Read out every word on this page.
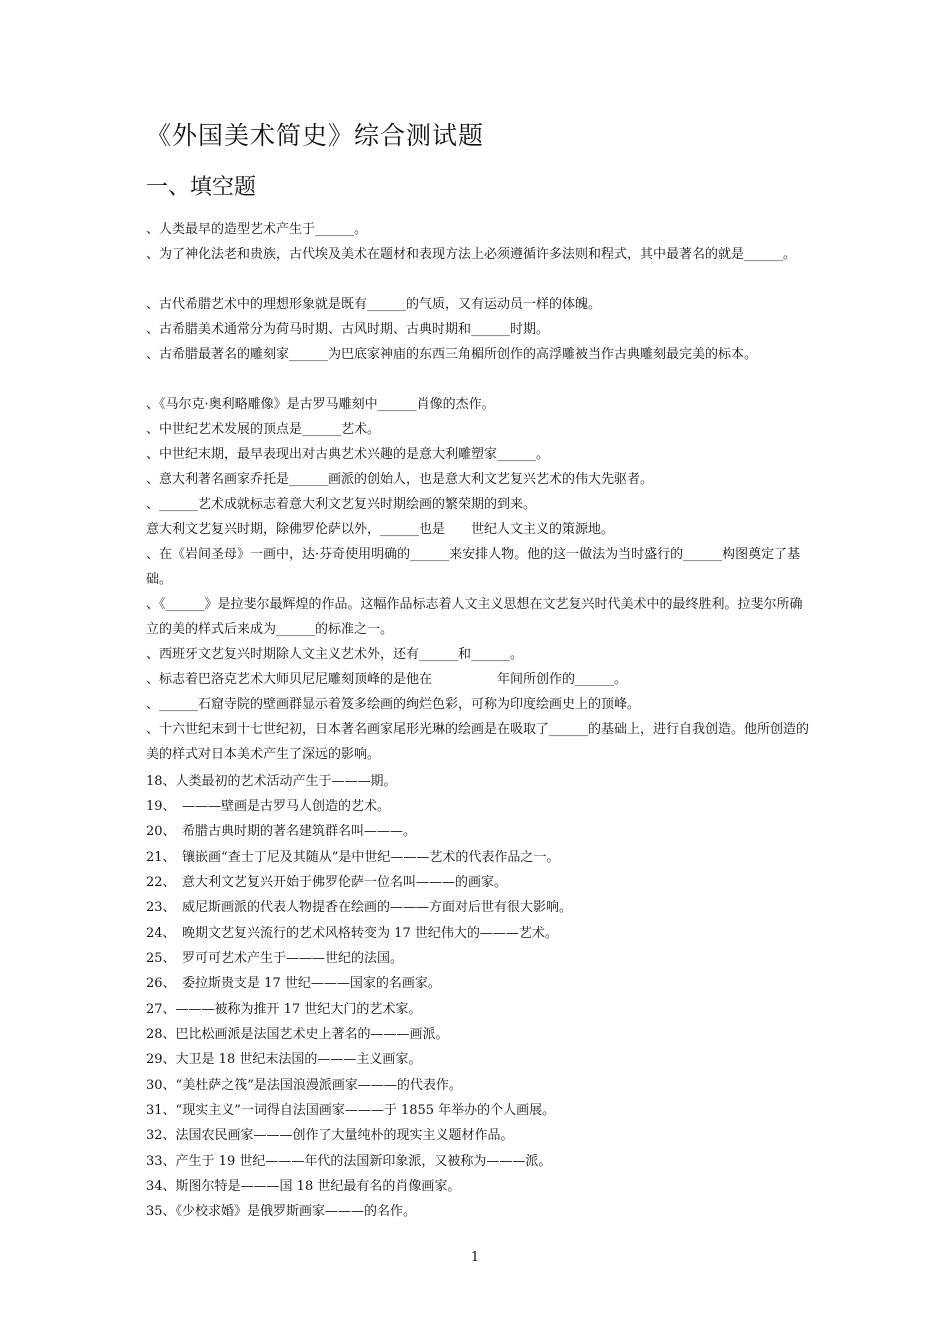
《外国美术简史》综合测试题
一、填空题
、人类最早的造型艺术产生于______。
、为了神化法老和贵族，古代埃及美术在题材和表现方法上必须遵循许多法则和程式，其中最著名的就是______。
、古代希腊艺术中的理想形象就是既有______的气质，又有运动员一样的体魄。
、古希腊美术通常分为荷马时期、古风时期、古典时期和______时期。
、古希腊最著名的雕刻家______为巴底家神庙的东西三角楣所创作的高浮雕被当作古典雕刻最完美的标本。
、《马尔克·奥利略雕像》是古罗马雕刻中______肖像的杰作。
、中世纪艺术发展的顶点是______艺术。
、中世纪末期，最早表现出对古典艺术兴趣的是意大利雕塑家______。
、意大利著名画家乔托是______画派的创始人，也是意大利文艺复兴艺术的伟大先驱者。
、______艺术成就标志着意大利文艺复兴时期绘画的繁荣期的到来。
意大利文艺复兴时期，除佛罗伦萨以外，______也是　　世纪人文主义的策源地。
、在《岩间圣母》一画中，达·芬奇使用明确的______来安排人物。他的这一做法为当时盛行的______构图奠定了基础。
、《______》是拉斐尔最辉煌的作品。这幅作品标志着人文主义思想在文艺复兴时代美术中的最终胜利。拉斐尔所确立的美的样式后来成为______的标准之一。
、西班牙文艺复兴时期除人文主义艺术外，还有______和______。
、标志着巴洛克艺术大师贝尼尼雕刻顶峰的是他在　　　　　年间所创作的______。
、______石窟寺院的壁画群显示着笈多绘画的绚烂色彩，可称为印度绘画史上的顶峰。
、十六世纪末到十七世纪初，日本著名画家尾形光琳的绘画是在吸取了______的基础上，进行自我创造。他所创造的美的样式对日本美术产生了深远的影响。
18、人类最初的艺术活动产生于———期。
19、　———壁画是古罗马人创造的艺术。
20、　希腊古典时期的著名建筑群名叫———。
21、　镶嵌画“查士丁尼及其随从”是中世纪———艺术的代表作品之一。
22、　意大利文艺复兴开始于佛罗伦萨一位名叫———的画家。
23、　威尼斯画派的代表人物提香在绘画的———方面对后世有很大影响。
24、　晚期文艺复兴流行的艺术风格转变为 17 世纪伟大的———艺术。
25、　罗可可艺术产生于———世纪的法国。
26、　委拉斯贵支是 17 世纪———国家的名画家。
27、———被称为推开 17 世纪大门的艺术家。
28、巴比松画派是法国艺术史上著名的———画派。
29、大卫是 18 世纪末法国的———主义画家。
30、“美杜萨之筏”是法国浪漫派画家———的代表作。
31、“现实主义”一词得自法国画家———于 1855 年举办的个人画展。
32、法国农民画家———创作了大量纯朴的现实主义题材作品。
33、产生于 19 世纪———年代的法国新印象派，又被称为———派。
34、斯图尔特是———国 18 世纪最有名的肖像画家。
35、《少校求婚》是俄罗斯画家———的名作。
1
